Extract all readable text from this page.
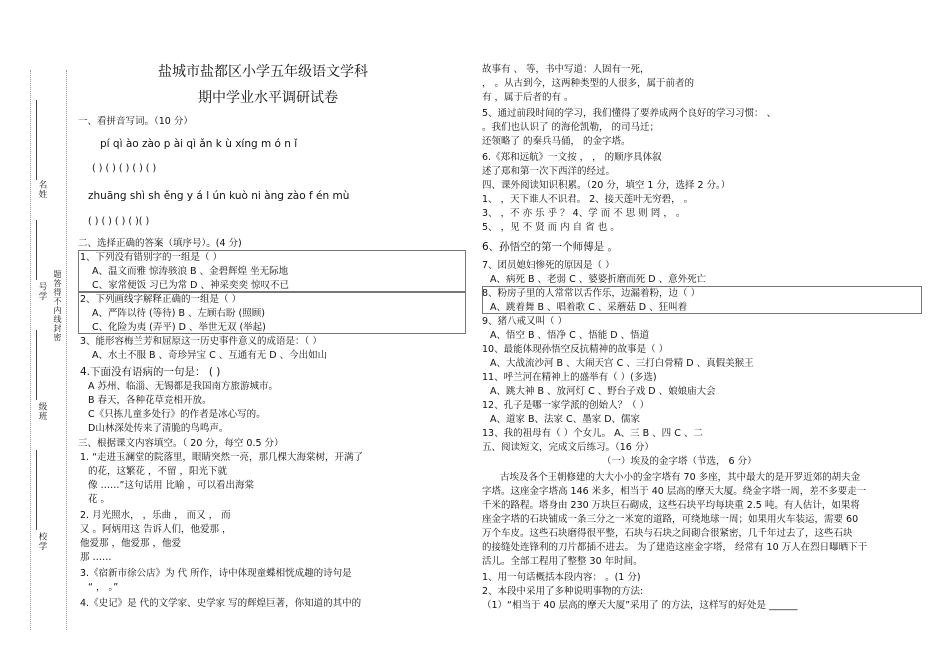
名姓
号学 题答得不内线封密
级班
校学
盐城市盐都区小学五年级语文学科
期中学业水平调研试卷
一、看拼音写词。（10 分）
pí qì ào zào p ài qì ǎn k ù xíng m ó n ǐ
( ) ( ) ( ) ( ) ( )
zhuāng shì sh ěng y á l ún kuò ni àng zào f én mù
( ) ( ) ( ) ( )( )
二、选择正确的答案（填序号）。(4 分)
1、下列没有错别字的一组是（ ）
A、温文而雅 惊涛骇浪 B 、金碧辉煌 坐无际地
C、家常便饭 习已为常 D 、神采奕奕 惊叹不已
2、下列画线字解释正确的一组是（ ）
A、严阵以待 (等待) B 、左顾右盼 (照顾)
C、化险为夷 (弄平) D 、举世无双 (举起)
3、能形容梅兰芳和屈原这一历史事件意义的成语是：（ ）
A、水土不服 B 、奇珍异宝 C 、互通有无 D 、今出如山
4.下面没有语病的一句是： ( )
A 苏州、临淄、无锡都是我国南方旅游城市。
B 春天，各种花草竞相开放。
C《只拣儿童多处行》的作者是冰心写的。
D山林深处传来了清脆的鸟鸣声。
三、根据课文内容填空。（ 20 分，每空 0.5 分）
1. “走进玉澜堂的院落里，眼睛突然一亮，那几棵大海棠树，开满了
的花，这繁花 ，不留 ，阳光下就
像 ……”这句话用 比喻 ，可以看出海棠
花 。
2. 月光照水， ，乐曲 ， 而又 ， 而
又 。阿炳用这 告诉人们，他爱那 ，
他爱那 ，他爱那 ，他爱
那 ……
3.《宿新市徐公店》为 代 所作，诗中体现童蝶相恍成趣的诗句是
“ ， 。”
4.《史记》是 代的文学家、史学家 写的辉煌巨著，你知道的其中的
故事有 、 等，书中写道：人固有一死，
， 。从古到今，这两种类型的人很多，属于前者的
有 ，属于后者的有 。
5、通过前段时间的学习，我们懂得了要养成两个良好的学习习惯： 、
。我们也认识了 的海伦凯勒， 的司马迁；
还领略了 的秦兵马俑， 的金字塔。
6.《郑和远航》一文按 ， ， 的顺序具体叙
述了郑和第一次下西洋的经过。
四、课外阅读知识积累。（20 分，填空 1 分，选择 2 分。）
1、 ，天下谁人不识君。 2、接天莲叶无穷碧， 。
3、 ，不 亦 乐 乎 ？ 4、学 而 不 思 则 罔 ， 。
5、 ，见 不 贤 而 内 自 省 也 。
6、孙悟空的第一个师傅是 。
7、团员媳妇惨死的原因是（ ）
A、病死 B 、老弱 C 、婆婆折磨而死 D 、意外死亡
8、粉房子里的人常常以舌作乐，边漏着粉，边（ ）
A、跳着舞 B 、唱着歌 C 、采蘑菇 D 、狂叫着
9、猪八戒又叫（ ）
A、悟空 B 、悟净 C 、悟能 D 、悟道
10、最能体现孙悟空反抗精神的故事是（ ）
A、大战流沙河 B 、大闹天宫 C 、三打白骨精 D 、真假美猴王
11、呼兰河在精神上的盛举有（ ）(多选)
A、跳大神 B 、放河灯 C 、野台子戏 D 、娘娘庙大会
12、孔子是哪一家学派的创始人？（ ）
A、道家 B、法家 C、墨家 D、儒家
13、我的祖母有（ ）个女儿。 A、三 B 、四 C 、二
五、阅读短文，完成文后练习。（16 分）
（一）埃及的金字塔（节选， 6 分）
古埃及各个王朝修建的大大小小的金字塔有 70 多座，其中最大的是开罗近郊的胡夫金
字塔。这座金字塔高 146 米多，相当于 40 层高的摩天大厦。绕金字塔一周，差不多要走一
千米的路程。塔身由 230 万块巨石砌成，这些石块平均每块重 2.5 吨。有人估计，如果将
座金字塔的石块铺成一条三分之一米宽的道路，可绕地球一周；如果用火车装运，需要 60
万个车皮。这些石块磨得很平整，石块与石块之间砌合很紧密，几千年过去了，这些石块
的接缝处连锋利的刀片都插不进去。 为了建造这座金字塔， 经常有 10 万人在烈日曝晒下干
活儿。全部工程用了整整 30 年时间。
1、用一句话概括本段内容： 。(1 分)
2、本段中采用了多种说明事物的方法:
（1）“相当于 40 层高的摩天大厦”采用了 的方法，这样写的好处是 ______
